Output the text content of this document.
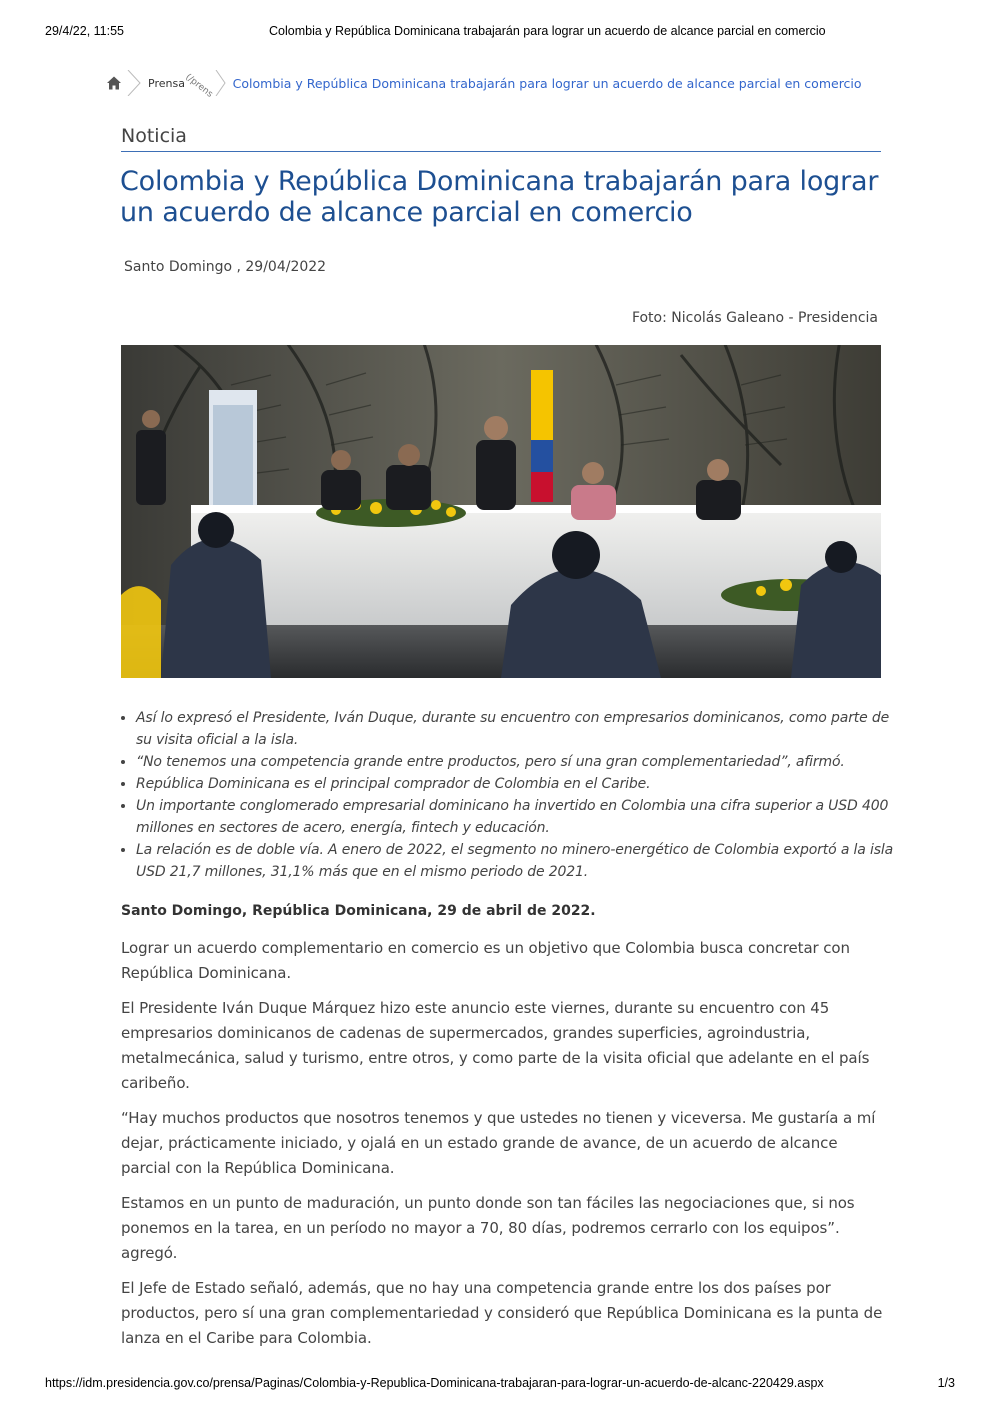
29/4/22, 11:55	Colombia y República Dominicana trabajarán para lograr un acuerdo de alcance parcial en comercio
Prensa
(/prens Colombia y República Dominicana trabajarán para lograr un acuerdo de alcance parcial en comercio
Noticia
Colombia y República Dominicana trabajarán para lograr un acuerdo de alcance parcial en comercio
Santo Domingo , 29/04/2022
Foto: Nicolás Galeano - Presidencia
• Así lo expresó el Presidente, Iván Duque, durante su encuentro con empresarios dominicanos, como parte de su visita oficial a la isla.
• “No tenemos una competencia grande entre productos, pero sí una gran complementariedad”, afirmó.
• República Dominicana es el principal comprador de Colombia en el Caribe.
• Un importante conglomerado empresarial dominicano ha invertido en Colombia una cifra superior a USD 400 millones en sectores de acero, energía, fintech y educación.
• La relación es de doble vía. A enero de 2022, el segmento no minero-energético de Colombia exportó a la isla USD 21,7 millones, 31,1% más que en el mismo periodo de 2021.

Santo Domingo, República Dominicana, 29 de abril de 2022.

Lograr un acuerdo complementario en comercio es un objetivo que Colombia busca concretar con República Dominicana.

El Presidente Iván Duque Márquez hizo este anuncio este viernes, durante su encuentro con 45 empresarios dominicanos de cadenas de supermercados, grandes superficies, agroindustria, metalmecánica, salud y turismo, entre otros, y como parte de la visita oficial que adelante en el país caribeño.

“Hay muchos productos que nosotros tenemos y que ustedes no tienen y viceversa. Me gustaría a mí dejar, prácticamente iniciado, y ojalá en un estado grande de avance, de un acuerdo de alcance parcial con la República Dominicana.

Estamos en un punto de maduración, un punto donde son tan fáciles las negociaciones que, si nos ponemos en la tarea, en un período no mayor a 70, 80 días, podremos cerrarlo con los equipos”. agregó.

El Jefe de Estado señaló, además, que no hay una competencia grande entre los dos países por productos, pero sí una gran complementariedad y consideró que República Dominicana es la punta de lanza en el Caribe para Colombia.

https://idm.presidencia.gov.co/prensa/Paginas/Colombia-y-Republica-Dominicana-trabajaran-para-lograr-un-acuerdo-de-alcanc-220429.aspx	1/3
